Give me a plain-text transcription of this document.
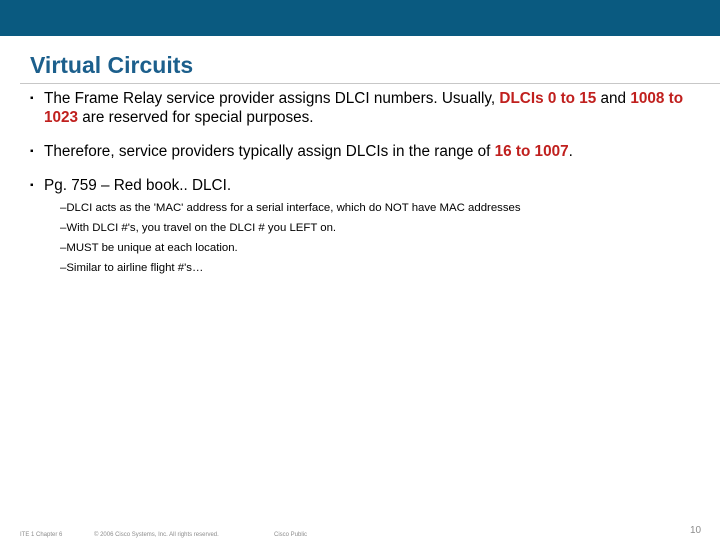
Virtual Circuits
▪ The Frame Relay service provider assigns DLCI numbers. Usually, DLCIs 0 to 15 and 1008 to 1023 are reserved for special purposes.
▪ Therefore, service providers typically assign DLCIs in the range of 16 to 1007.
▪ Pg. 759 – Red book.. DLCI.
–DLCI acts as the 'MAC' address for a serial interface, which do NOT have MAC addresses
–With DLCI #'s, you travel on the DLCI # you LEFT on.
–MUST be unique at each location.
–Similar to airline flight #'s…
ITE 1 Chapter 6	© 2006 Cisco Systems, Inc. All rights reserved.	Cisco Public	10
